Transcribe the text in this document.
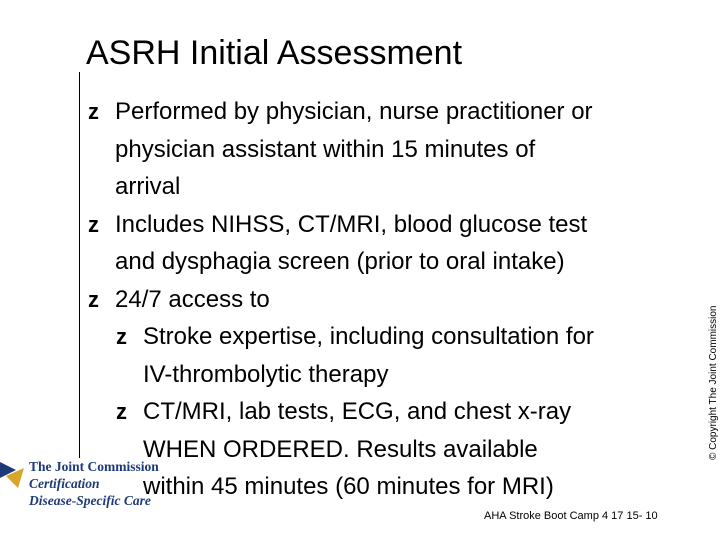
ASRH Initial Assessment
z Performed by physician, nurse practitioner or
physician assistant within 15 minutes of
arrival
z Includes NIHSS, CT/MRI, blood glucose test
and dysphagia screen (prior to oral intake)
z 24/7 access to
z Stroke expertise, including consultation for
IV-thrombolytic therapy
z CT/MRI, lab tests, ECG, and chest x-ray
WHEN ORDERED. Results available
within 45 minutes (60 minutes for MRI)
© Copyright The Joint Commission
AHA Stroke Boot Camp 4 17 15- 10
The Joint Commission
Certification
Disease-Specific Care
